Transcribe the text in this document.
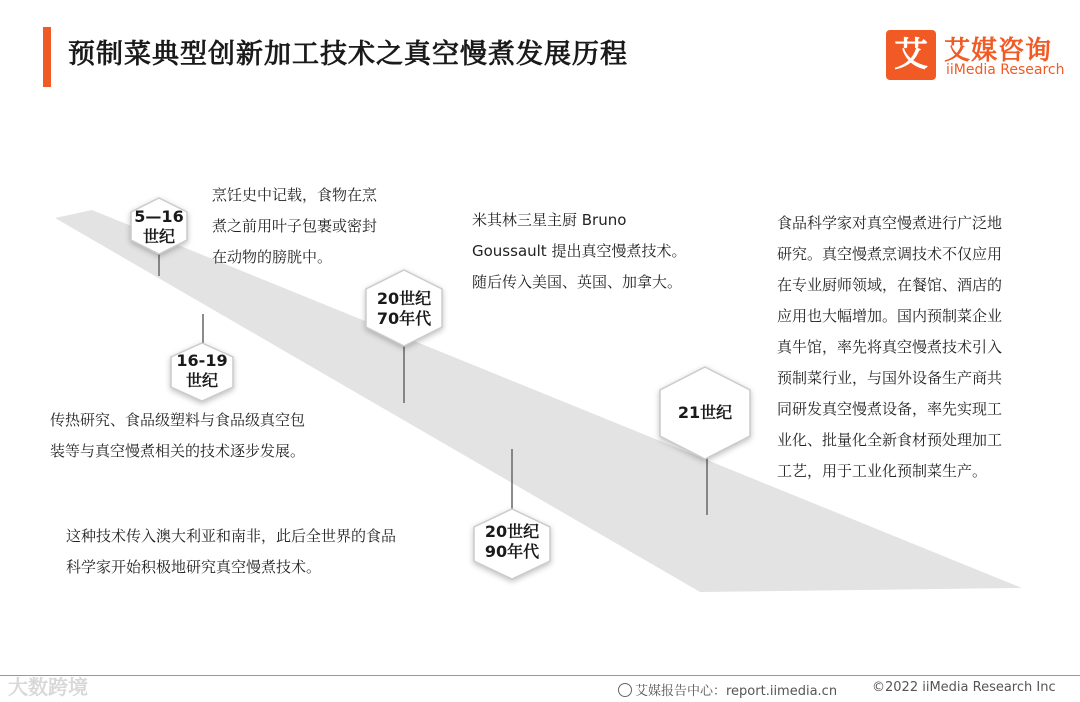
预制菜典型创新加工技术之真空慢煮发展历程	艾 艾媒咨询
iiMedia Research
5—16
世纪
16-19
世纪
20世纪
70年代
20世纪
90年代
21世纪
烹饪史中记载，食物在烹
煮之前用叶子包裹或密封
在动物的膀胱中。
传热研究、食品级塑料与食品级真空包
装等与真空慢煮相关的技术逐步发展。
米其林三星主厨 Bruno
Goussault 提出真空慢煮技术。
随后传入美国、英国、加拿大。
这种技术传入澳大利亚和南非，此后全世界的食品
科学家开始积极地研究真空慢煮技术。
食品科学家对真空慢煮进行广泛地
研究。真空慢煮烹调技术不仅应用
在专业厨师领域，在餐馆、酒店的
应用也大幅增加。国内预制菜企业
真牛馆，率先将真空慢煮技术引入
预制菜行业，与国外设备生产商共
同研发真空慢煮设备，率先实现工
业化、批量化全新食材预处理加工
工艺，用于工业化预制菜生产。
大数跨境	艾媒报告中心：report.iimedia.cn	©2022 iiMedia Research Inc
